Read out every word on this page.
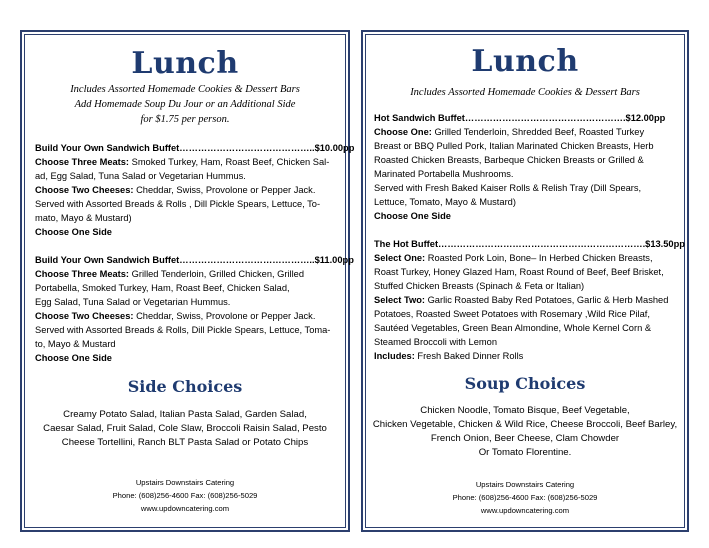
Lunch

Includes Assorted Homemade Cookies & Dessert Bars

Add Homemade Soup Du Jour or an Additional Side

for $1.75 per person.

Build Your Own Sandwich Buffet……………………………………..$10.00pp
Choose Three Meats: Smoked Turkey, Ham, Roast Beef, Chicken Sal-
ad, Egg Salad, Tuna Salad or Vegetarian Hummus.
Choose Two Cheeses: Cheddar, Swiss, Provolone or Pepper Jack.
Served with Assorted Breads & Rolls , Dill Pickle Spears, Lettuce, To-
mato, Mayo & Mustard)
Choose One Side
Build Your Own Sandwich Buffet……………………………………..$11.00pp
Choose Three Meats: Grilled Tenderloin, Grilled Chicken, Grilled
Portabella, Smoked Turkey, Ham, Roast Beef, Chicken Salad,
Egg Salad, Tuna Salad or Vegetarian Hummus.
Choose Two Cheeses: Cheddar, Swiss, Provolone or Pepper Jack.
Served with Assorted Breads & Rolls, Dill Pickle Spears, Lettuce, Toma-
to, Mayo & Mustard
Choose One Side
Side Choices
Creamy Potato Salad, Italian Pasta Salad, Garden Salad,
Caesar Salad, Fruit Salad, Cole Slaw, Broccoli Raisin Salad, Pesto
Cheese Tortellini, Ranch BLT Pasta Salad or Potato Chips
Upstairs Downstairs Catering
Phone: (608)256-4600 Fax: (608)256-5029
www.updowncatering.com
Lunch

Includes Assorted Homemade Cookies & Dessert Bars

Hot Sandwich Buffet…………………………………………….$12.00pp
Choose One: Grilled Tenderloin, Shredded Beef, Roasted Turkey
Breast or BBQ Pulled Pork, Italian Marinated Chicken Breasts, Herb
Roasted Chicken Breasts, Barbeque Chicken Breasts or Grilled &
Marinated Portabella Mushrooms.
Served with Fresh Baked Kaiser Rolls & Relish Tray (Dill Spears,
Lettuce, Tomato, Mayo & Mustard)
Choose One Side
The Hot Buffet………………………………………………………….$13.50pp
Select One: Roasted Pork Loin, Bone– In Herbed Chicken Breasts,
Roast Turkey, Honey Glazed Ham, Roast Round of Beef, Beef Brisket,
Stuffed Chicken Breasts (Spinach & Feta or Italian)
Select Two: Garlic Roasted Baby Red Potatoes, Garlic & Herb Mashed
Potatoes, Roasted Sweet Potatoes with Rosemary ,Wild Rice Pilaf,
Sautéed Vegetables, Green Bean Almondine, Whole Kernel Corn &
Steamed Broccoli with Lemon
Includes: Fresh Baked Dinner Rolls
Soup Choices
Chicken Noodle, Tomato Bisque, Beef Vegetable,
Chicken Vegetable, Chicken & Wild Rice, Cheese Broccoli, Beef Barley,
French Onion, Beer Cheese, Clam Chowder
Or Tomato Florentine.
Upstairs Downstairs Catering
Phone: (608)256-4600 Fax: (608)256-5029
www.updowncatering.com
